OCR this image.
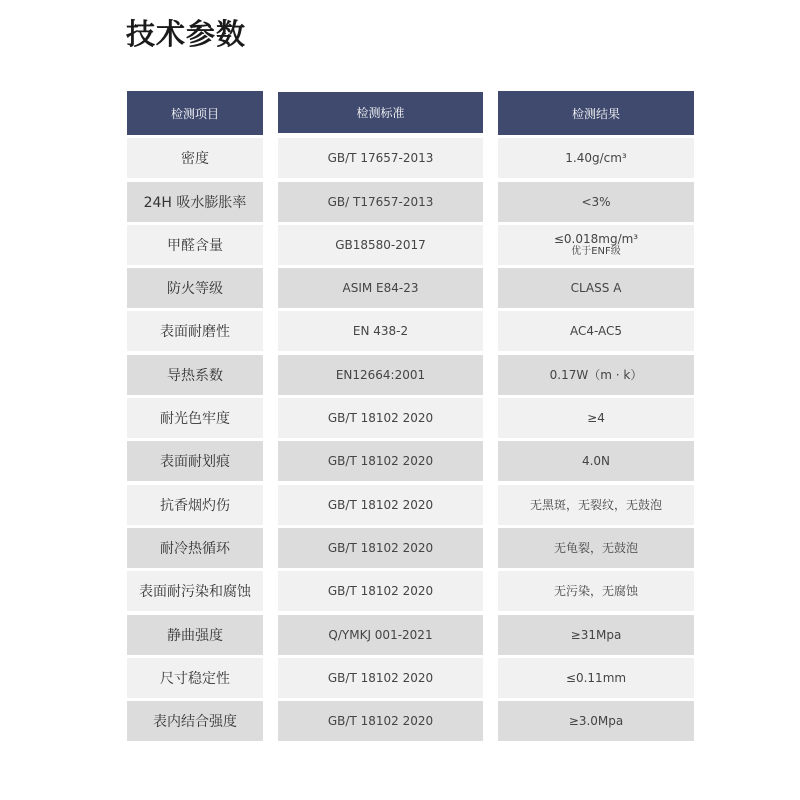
技术参数
检测项目
密度
24H 吸水膨胀率
甲醛含量
防火等级
表面耐磨性
导热系数
耐光色牢度
表面耐划痕
抗香烟灼伤
耐冷热循环
表面耐污染和腐蚀
静曲强度
尺寸稳定性
表内结合强度
检测标准
GB/T 17657-2013
GB/ T17657-2013
GB18580-2017
ASIM E84-23
EN 438-2
EN12664:2001
GB/T 18102 2020
GB/T 18102 2020
GB/T 18102 2020
GB/T 18102 2020
GB/T 18102 2020
Q/YMKJ 001-2021
GB/T 18102 2020
GB/T 18102 2020
检测结果
1.40g/cm³
<3%
≤0.018mg/m³
优于ENF级
CLASS A
AC4-AC5
0.17W（m · k）
≥4
4.0N
无黑斑，无裂纹，无鼓泡
无龟裂，无鼓泡
无污染，无腐蚀
≥31Mpa
≤0.11mm
≥3.0Mpa
